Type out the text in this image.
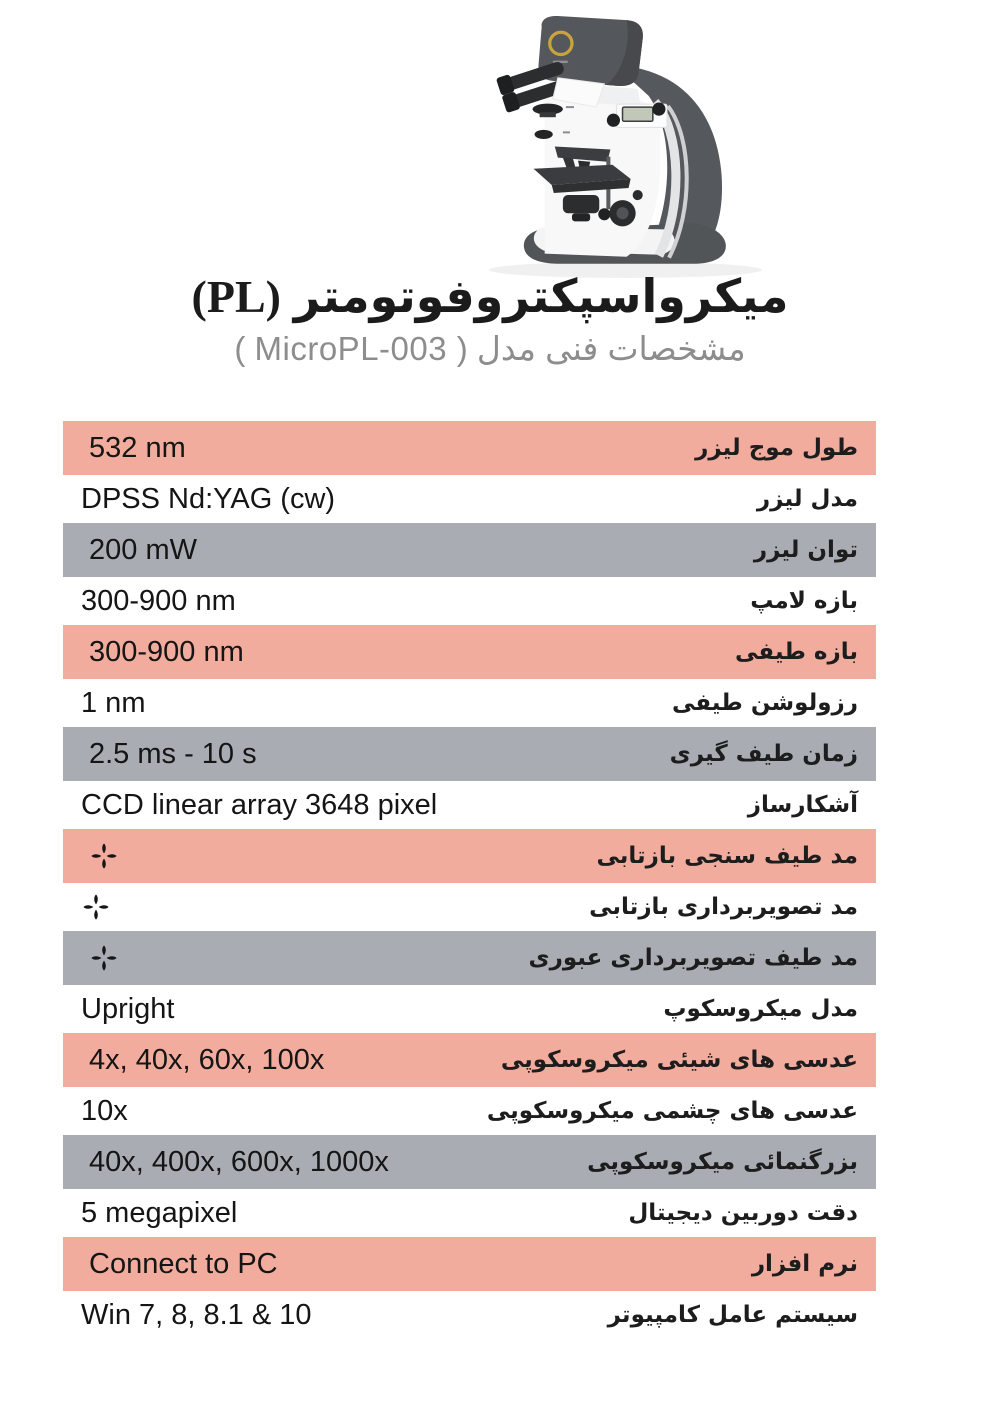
میکرواسپکتروفوتومتر (PL)
مشخصات فنی مدل ( MicroPL-003 )
طول موج لیزر
532 nm
مدل لیزر
DPSS Nd:YAG (cw)
توان لیزر
200 mW
بازه لامپ
300-900 nm
بازه طیفی
300-900 nm
رزولوشن طیفی
1 nm
زمان طیف گیری
2.5 ms - 10 s
آشکارساز
CCD linear array 3648 pixel
مد طیف سنجی بازتابی
مد تصویربرداری بازتابی
مد طیف تصویربرداری عبوری
مدل میکروسکوپ
Upright
عدسی های شیئی میکروسکوپی
4x, 40x, 60x, 100x
عدسی های چشمی میکروسکوپی
10x
بزرگنمائی میکروسکوپی
40x, 400x, 600x, 1000x
دقت دوربین دیجیتال
5 megapixel
نرم افزار
Connect to PC
سیستم عامل کامپیوتر
Win 7, 8, 8.1 & 10
